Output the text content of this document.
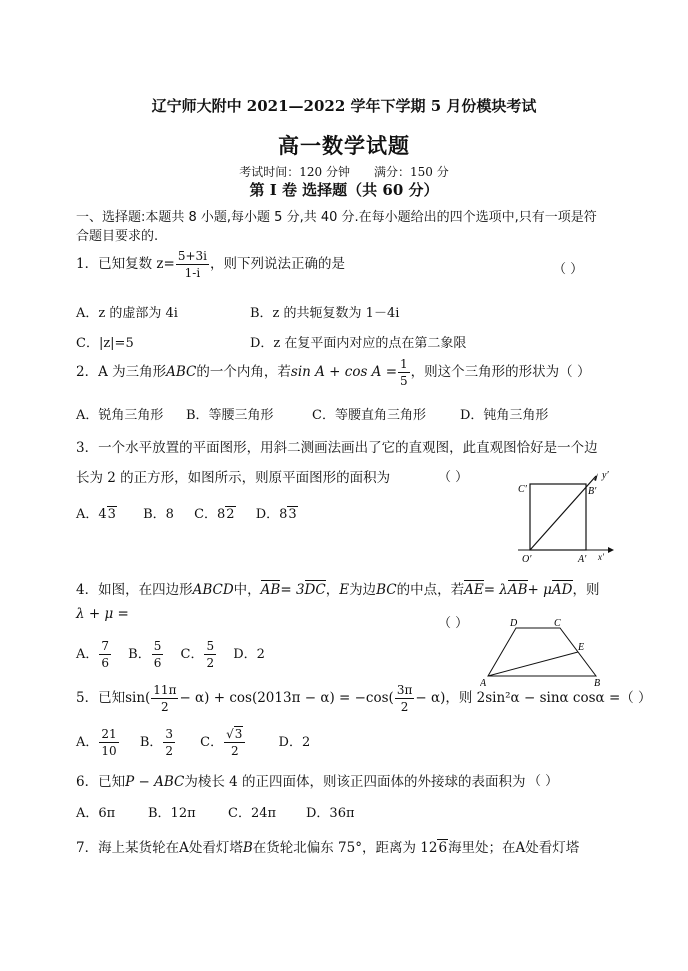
辽宁师大附中 2021—2022 学年下学期 5 月份模块考试
高一数学试题
考试时间：120 分钟 满分：150 分
第 Ⅰ 卷 选择题（共 60 分）
一、选择题:本题共 8 小题,每小题 5 分,共 40 分.在每小题给出的四个选项中,只有一项是符
合题目要求的.
1．已知复数 $z= \frac{5+3i}{1-i}$ ，则下列说法正确的是	（ ）
A．z 的虚部为 4i	B．z 的共轭复数为 1－4i
C．|z|=5	D．z 在复平面内对应的点在第二象限
2．A 为三角形ABC的一个内角，若$\sin A + \cos A = \frac{1}{5}$ ，则这个三角形的形状为（ ）
A．锐角三角形 B．等腰三角形	C．等腰直角三角形	D．钝角三角形
3．一个水平放置的平面图形，用斜二测画法画出了它的直观图，此直观图恰好是一个边
长为 2 的正方形，如图所示，则原平面图形的面积为	（ ）
A．43 B．8 C．82 D．83
y′
C′	B′
O′	A′ x′
4．如图，在四边形ABCD中，AB= 3DC，E为边BC的中点，若AE= λAB+ μAD，则
λ + μ =
（ ）
A． $\frac{7}{6}$ B． $\frac{5}{6}$ C． $\frac{5}{2}$ D．2
D	C
E
A	B
5．已知$\sin( \frac{11\pi}{2} - \alpha) + \cos(2013\pi - \alpha) = -\cos( \frac{3\pi}{2} - \alpha)$，则 2sin²α − sinα cosα =（ ）
A． $\frac{21}{10}$ B． $\frac{3}{2}$ C． $\frac{√3}{2}$	D．2
6．已知P − ABC为棱长 4 的正四面体，则该正四面体的外接球的表面积为 （ ）
A．6π	B．12π C．24π D．36π
7．海上某货轮在A处看灯塔B在货轮北偏东 75°，距离为 126海里处；在A处看灯塔
